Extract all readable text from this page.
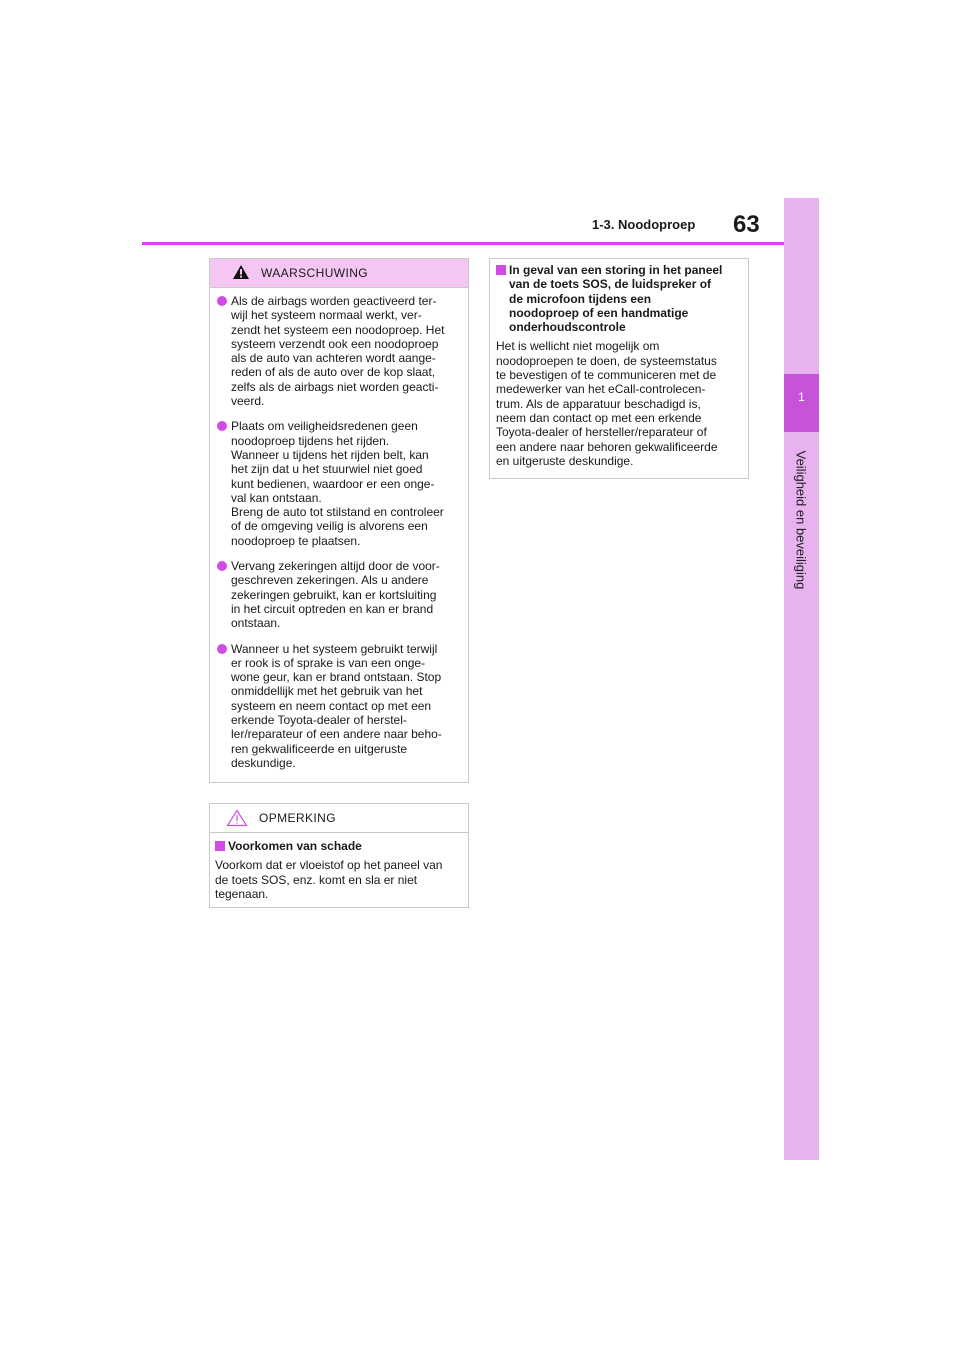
1
Veiligheid en beveiliging
1-3. Noodoproep 63
WAARSCHUWING
Als de airbags worden geactiveerd ter-
wijl het systeem normaal werkt, ver-
zendt het systeem een noodoproep. Het
systeem verzendt ook een noodoproep
als de auto van achteren wordt aange-
reden of als de auto over de kop slaat,
zelfs als de airbags niet worden geacti-
veerd.
Plaats om veiligheidsredenen geen
noodoproep tijdens het rijden.
Wanneer u tijdens het rijden belt, kan
het zijn dat u het stuurwiel niet goed
kunt bedienen, waardoor er een onge-
val kan ontstaan.
Breng de auto tot stilstand en controleer
of de omgeving veilig is alvorens een
noodoproep te plaatsen.
Vervang zekeringen altijd door de voor-
geschreven zekeringen. Als u andere
zekeringen gebruikt, kan er kortsluiting
in het circuit optreden en kan er brand
ontstaan.
Wanneer u het systeem gebruikt terwijl
er rook is of sprake is van een onge-
wone geur, kan er brand ontstaan. Stop
onmiddellijk met het gebruik van het
systeem en neem contact op met een
erkende Toyota-dealer of herstel-
ler/reparateur of een andere naar beho-
ren gekwalificeerde en uitgeruste
deskundige.
OPMERKING
Voorkomen van schade
Voorkom dat er vloeistof op het paneel van
de toets SOS, enz. komt en sla er niet
tegenaan.
In geval van een storing in het paneel
van de toets SOS, de luidspreker of
de microfoon tijdens een
noodoproep of een handmatige
onderhoudscontrole
Het is wellicht niet mogelijk om
noodoproepen te doen, de systeemstatus
te bevestigen of te communiceren met de
medewerker van het eCall-controlecen-
trum. Als de apparatuur beschadigd is,
neem dan contact op met een erkende
Toyota-dealer of hersteller/reparateur of
een andere naar behoren gekwalificeerde
en uitgeruste deskundige.
